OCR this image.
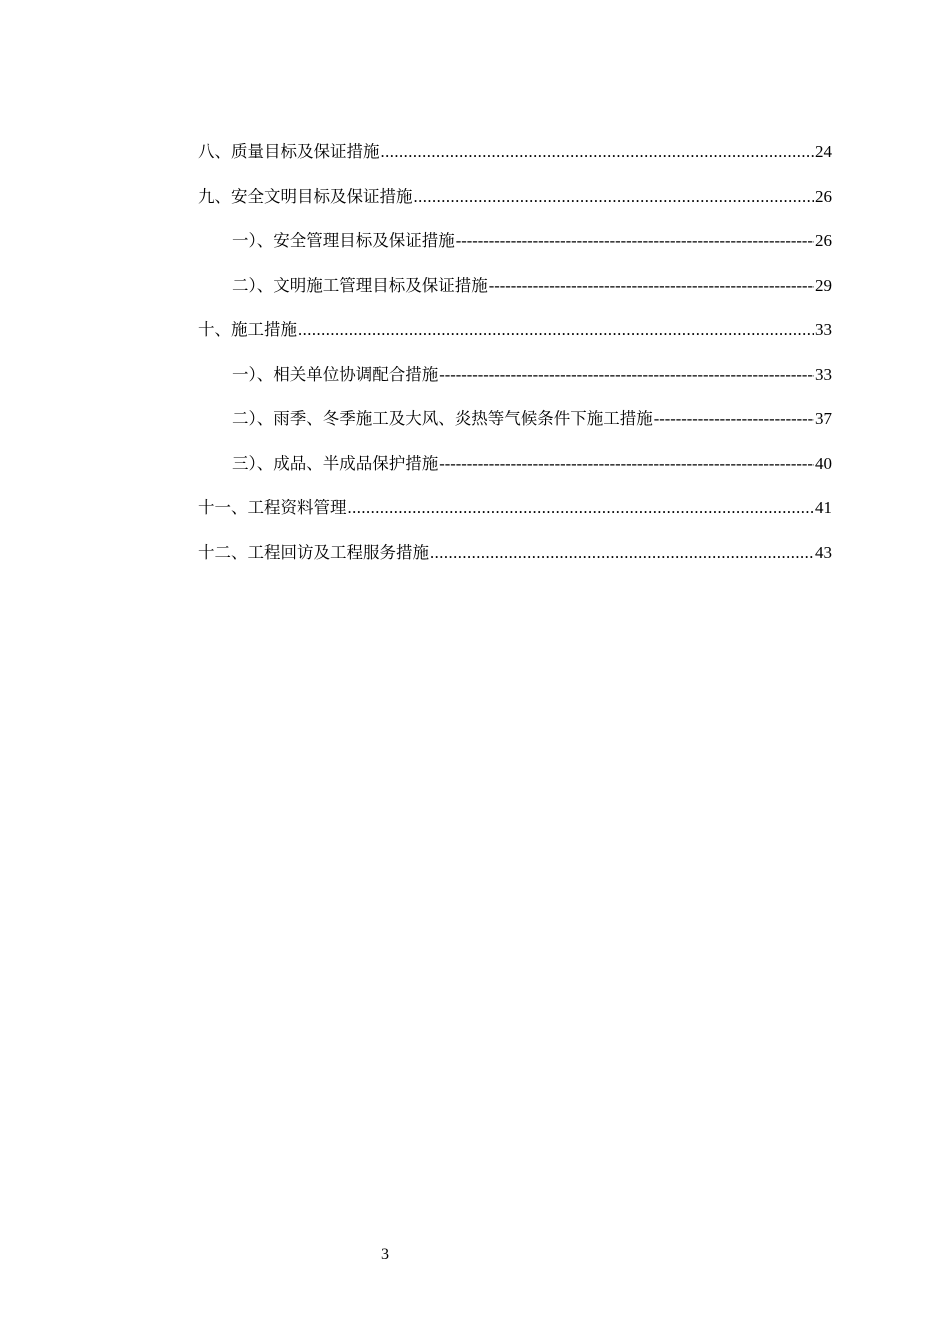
八、质量目标及保证措施 .....	24
九、安全文明目标及保证措施 .....	26
一）、安全管理目标及保证措施 -----	26
二）、文明施工管理目标及保证措施 -----	29
十、施工措施 .....	33
一）、相关单位协调配合措施 -----	33
二）、雨季、冬季施工及大风、炎热等气候条件下施工措施 -----	37
三）、成品、半成品保护措施 -----	40
十一、工程资料管理 .....	41
十二、工程回访及工程服务措施 .....	43
3
